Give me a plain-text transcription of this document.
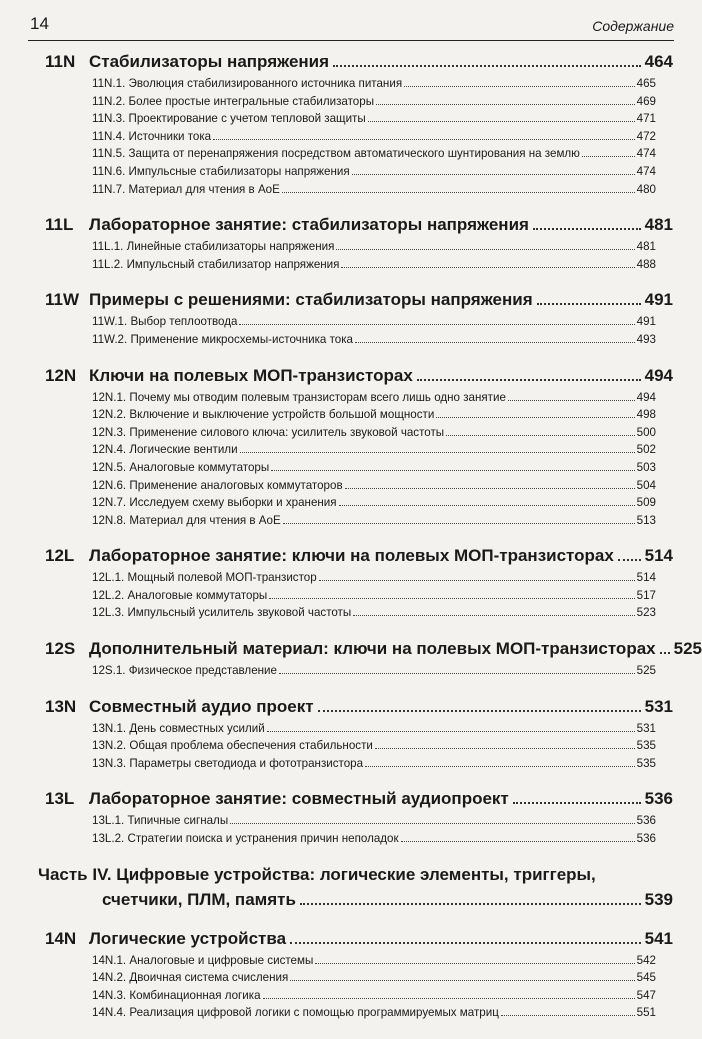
14	Содержание
11N Стабилизаторы напряжения	464
11N.1. Эволюция стабилизированного источника питания	465
11N.2. Более простые интегральные стабилизаторы	469
11N.3. Проектирование с учетом тепловой защиты	471
11N.4. Источники тока	472
11N.5. Защита от перенапряжения посредством автоматического шунтирования на землю	474
11N.6. Импульсные стабилизаторы напряжения	474
11N.7. Материал для чтения в AoE	480
11L Лабораторное занятие: стабилизаторы напряжения	481
11L.1. Линейные стабилизаторы напряжения	481
11L.2. Импульсный стабилизатор напряжения	488
11W Примеры с решениями: стабилизаторы напряжения	491
11W.1. Выбор теплоотвода	491
11W.2. Применение микросхемы-источника тока	493
12N Ключи на полевых МОП-транзисторах	494
12N.1. Почему мы отводим полевым транзисторам всего лишь одно занятие	494
12N.2. Включение и выключение устройств большой мощности	498
12N.3. Применение силового ключа: усилитель звуковой частоты	500
12N.4. Логические вентили	502
12N.5. Аналоговые коммутаторы	503
12N.6. Применение аналоговых коммутаторов	504
12N.7. Исследуем схему выборки и хранения	509
12N.8. Материал для чтения в AoE	513
12L Лабораторное занятие: ключи на полевых МОП-транзисторах 514
12L.1. Мощный полевой МОП-транзистор	514
12L.2. Аналоговые коммутаторы	517
12L.3. Импульсный усилитель звуковой частоты	523
12S Дополнительный материал: ключи на полевых МОП-транзисторах 525
12S.1. Физическое представление	525
13N Совместный аудио проект	531
13N.1. День совместных усилий	531
13N.2. Общая проблема обеспечения стабильности	535
13N.3. Параметры светодиода и фототранзистора	535
13L Лабораторное занятие: совместный аудиопроект	536
13L.1. Типичные сигналы	536
13L.2. Стратегии поиска и устранения причин неполадок	536
Часть IV. Цифровые устройства: логические элементы, триггеры,
счетчики, ПЛМ, память	539
14N Логические устройства	541
14N.1. Аналоговые и цифровые системы	542
14N.2. Двоичная система счисления	545
14N.3. Комбинационная логика	547
14N.4. Реализация цифровой логики с помощью программируемых матриц	551
